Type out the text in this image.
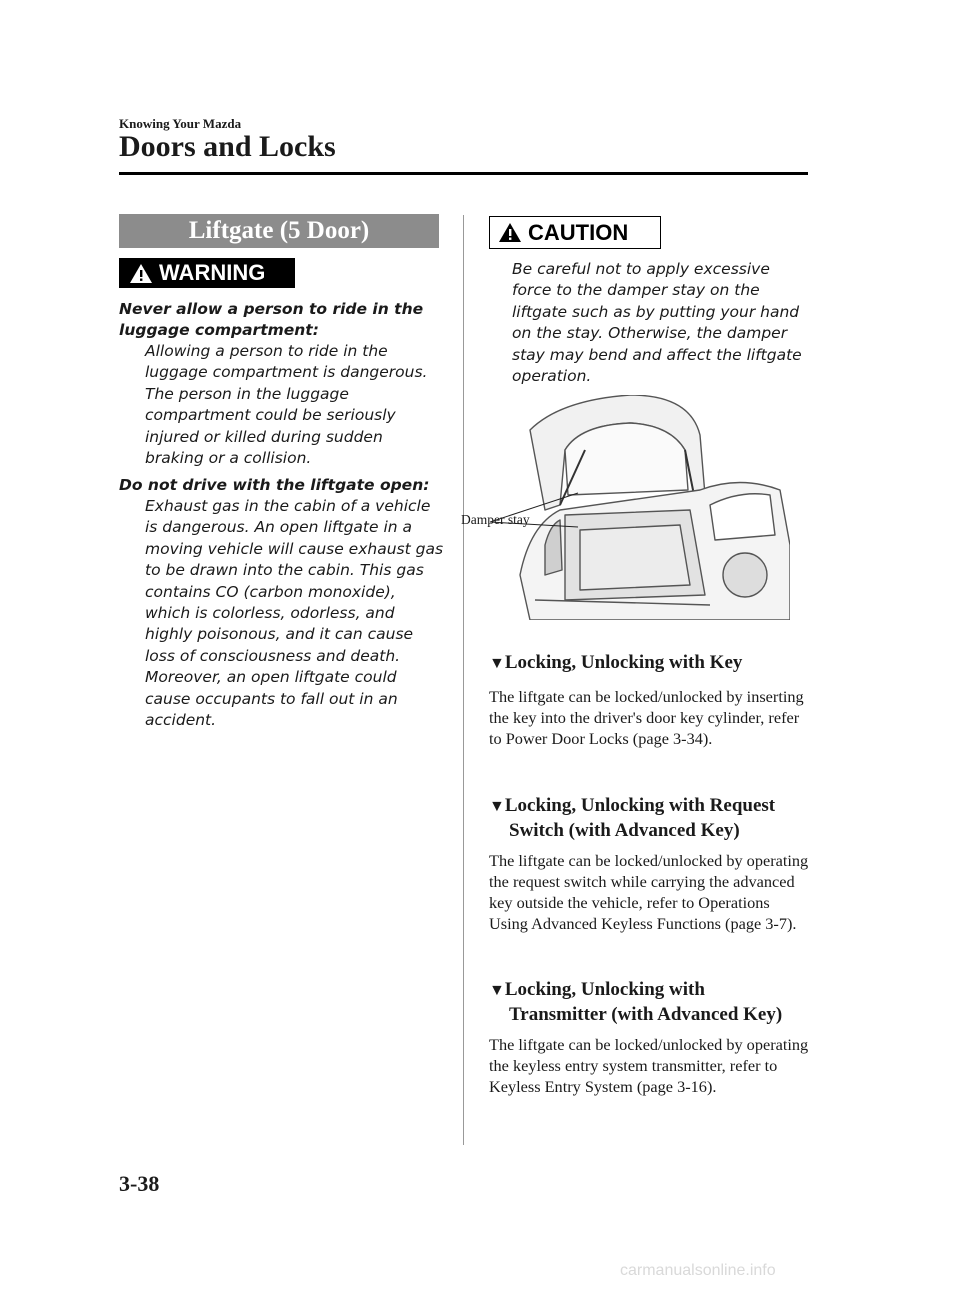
Knowing Your Mazda
Doors and Locks
Liftgate (5 Door)
WARNING
Never allow a person to ride in the luggage compartment:
Allowing a person to ride in the luggage compartment is dangerous. The person in the luggage compartment could be seriously injured or killed during sudden braking or a collision.
Do not drive with the liftgate open:
Exhaust gas in the cabin of a vehicle is dangerous. An open liftgate in a moving vehicle will cause exhaust gas to be drawn into the cabin. This gas contains CO (carbon monoxide), which is colorless, odorless, and highly poisonous, and it can cause loss of consciousness and death. Moreover, an open liftgate could cause occupants to fall out in an accident.
CAUTION
Be careful not to apply excessive force to the damper stay on the liftgate such as by putting your hand on the stay. Otherwise, the damper stay may bend and affect the liftgate operation.
Damper stay
▼Locking, Unlocking with Key
The liftgate can be locked/unlocked by inserting the key into the driver's door key cylinder, refer to Power Door Locks (page 3-34).
▼Locking, Unlocking with Request
Switch (with Advanced Key)
The liftgate can be locked/unlocked by operating the request switch while carrying the advanced key outside the vehicle, refer to Operations Using Advanced Keyless Functions (page 3-7).
▼Locking, Unlocking with
Transmitter (with Advanced Key)
The liftgate can be locked/unlocked by operating the keyless entry system transmitter, refer to Keyless Entry System (page 3-16).
3-38
carmanualsonline.info
